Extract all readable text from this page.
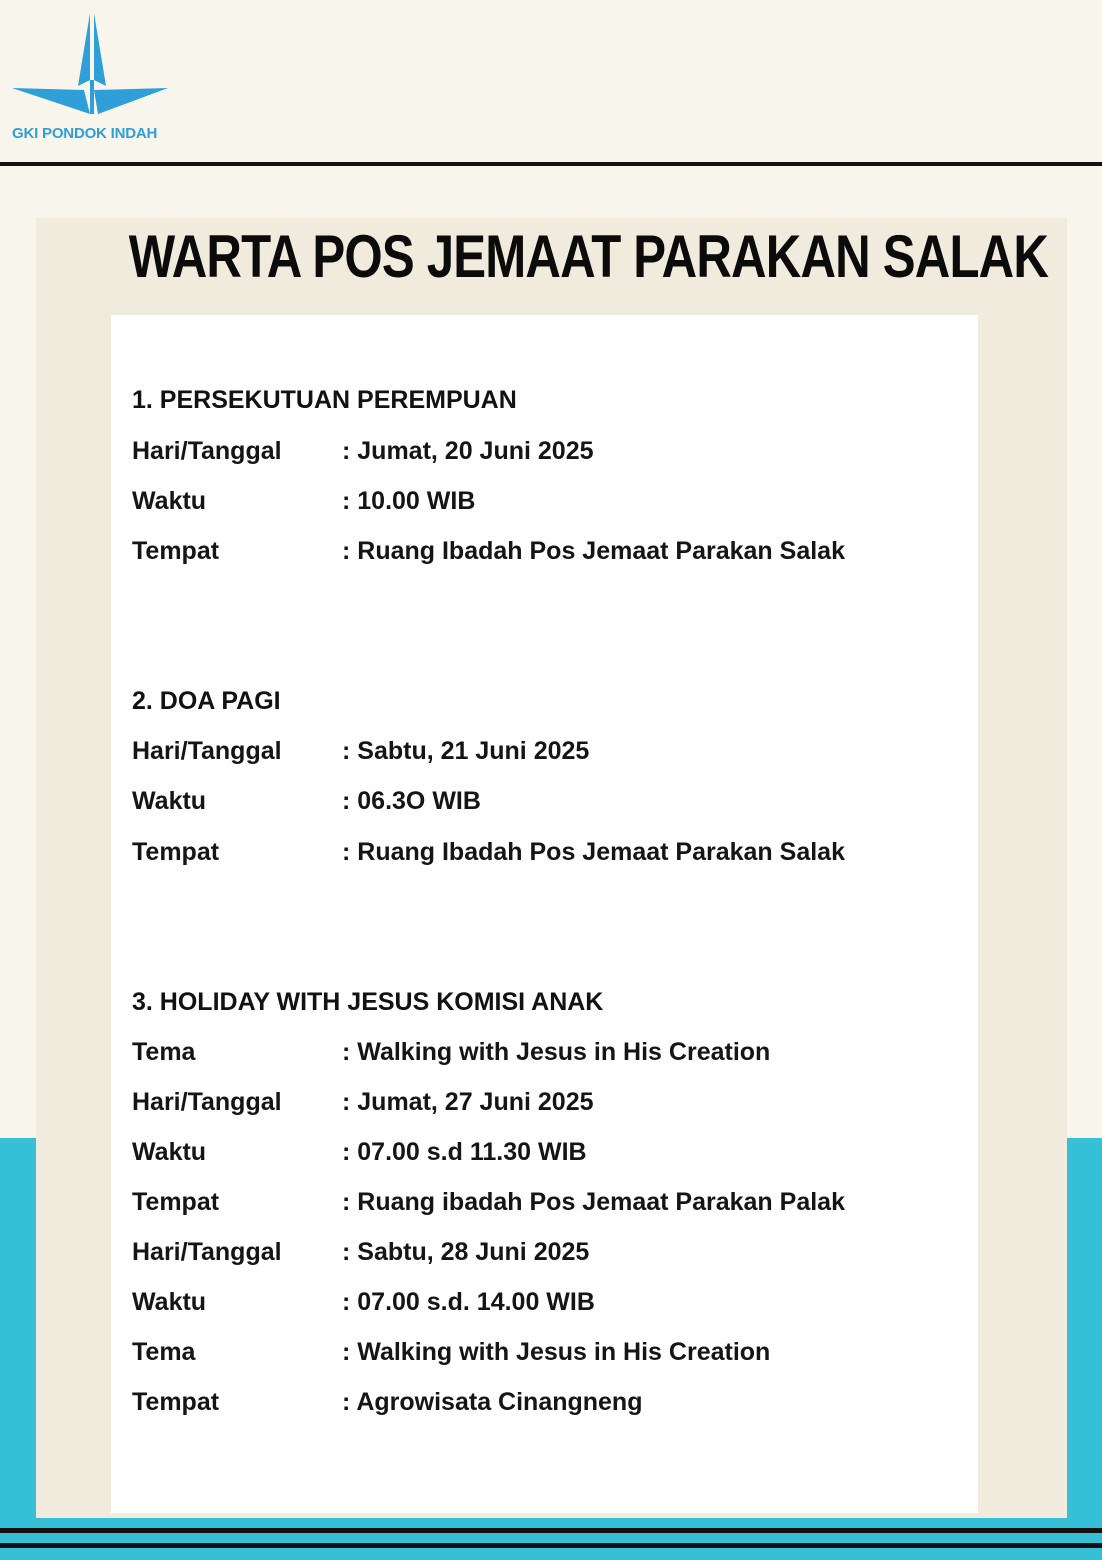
GKI PONDOK INDAH
WARTA POS JEMAAT PARAKAN SALAK
1. PERSEKUTUAN PEREMPUAN
Hari/Tanggal : Jumat, 20 Juni 2025
Waktu	: 10.00 WIB
Tempat	: Ruang Ibadah Pos Jemaat Parakan Salak
2. DOA PAGI
Hari/Tanggal : Sabtu, 21 Juni 2025
Waktu	: 06.3O WIB
Tempat	: Ruang Ibadah Pos Jemaat Parakan Salak
3. HOLIDAY WITH JESUS KOMISI ANAK
Tema	: Walking with Jesus in His Creation
Hari/Tanggal : Jumat, 27 Juni 2025
Waktu	: 07.00 s.d 11.30 WIB
Tempat	: Ruang ibadah Pos Jemaat Parakan Palak
Hari/Tanggal : Sabtu, 28 Juni 2025
Waktu	: 07.00 s.d. 14.00 WIB
Tema	: Walking with Jesus in His Creation
Tempat	: Agrowisata Cinangneng
